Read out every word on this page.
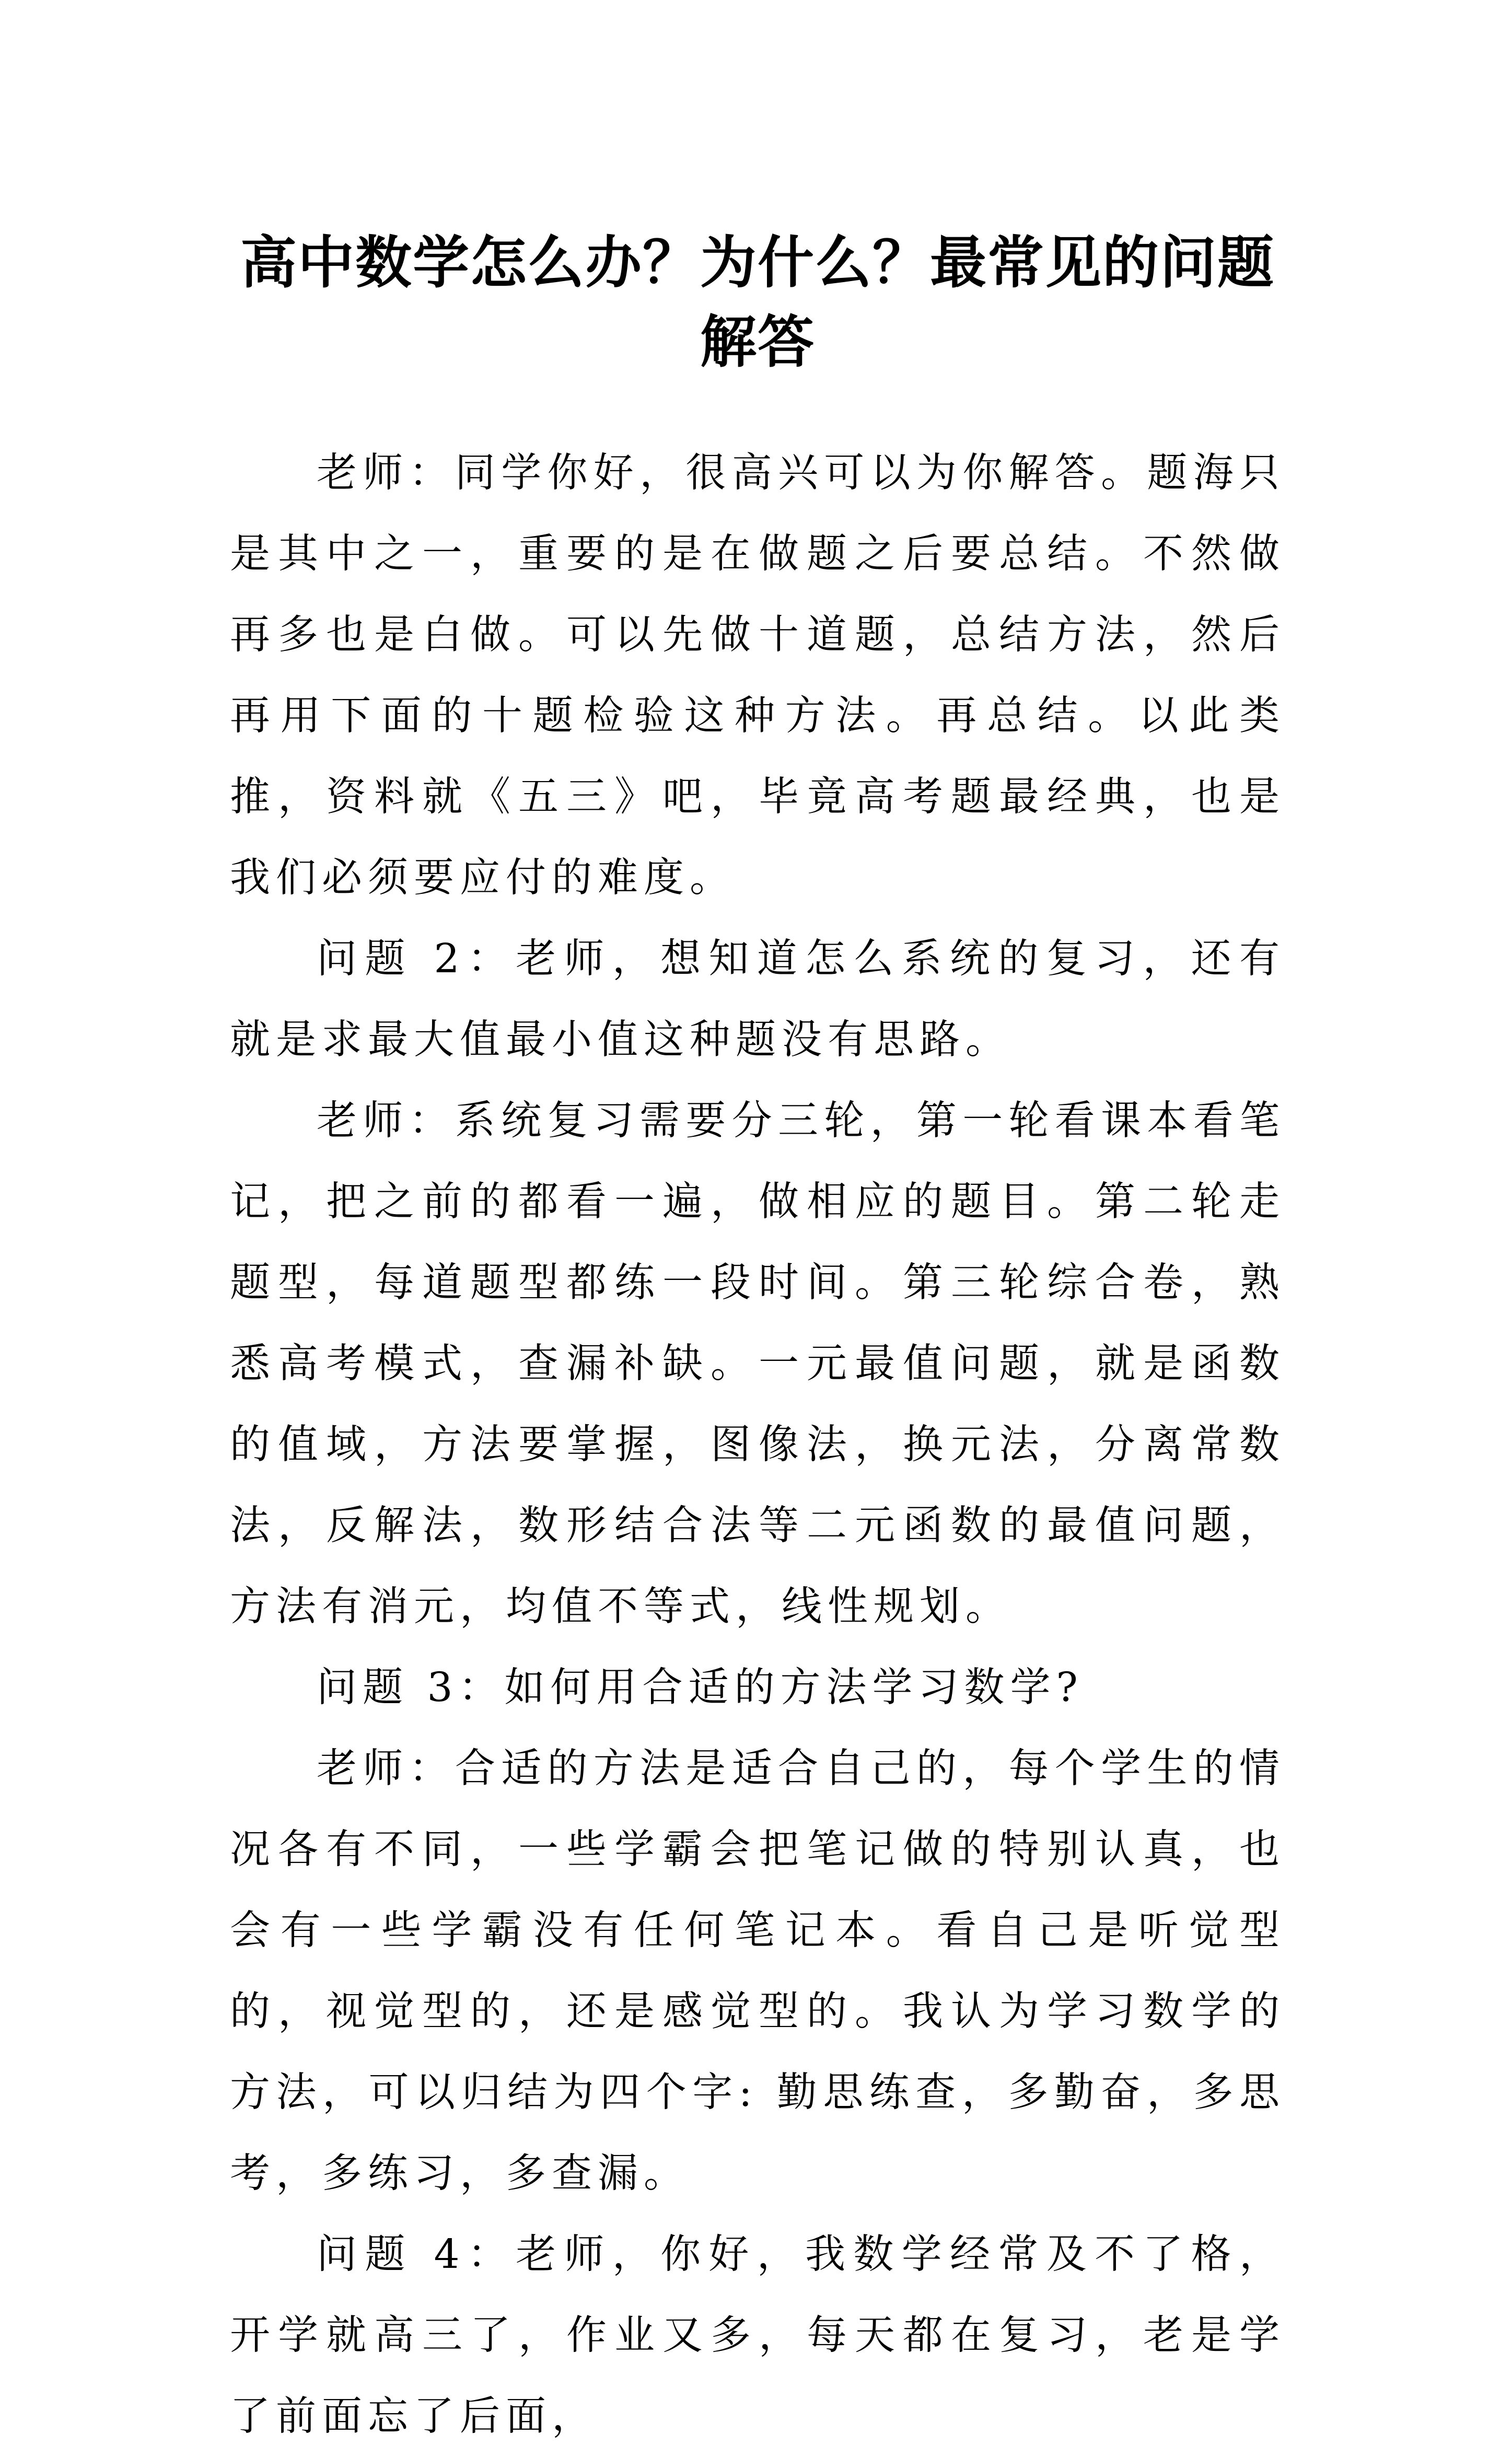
高中数学怎么办？为什么？最常见的问题
解答

老师：同学你好，很高兴可以为你解答。题海只是其中之一，重要的是在做题之后要总结。不然做再多也是白做。可以先做十道题，总结方法，然后再用下面的十题检验这种方法。再总结。以此类推，资料就《五三》吧，毕竟高考题最经典，也是我们必须要应付的难度。

问题 2：老师，想知道怎么系统的复习，还有就是求最大值最小值这种题没有思路。

老师：系统复习需要分三轮，第一轮看课本看笔记，把之前的都看一遍，做相应的题目。第二轮走题型，每道题型都练一段时间。第三轮综合卷，熟悉高考模式，查漏补缺。一元最值问题，就是函数的值域，方法要掌握，图像法，换元法，分离常数法，反解法，数形结合法等二元函数的最值问题，方法有消元，均值不等式，线性规划。

问题 3：如何用合适的方法学习数学?

老师：合适的方法是适合自己的，每个学生的情况各有不同，一些学霸会把笔记做的特别认真，也会有一些学霸没有任何笔记本。看自己是听觉型的，视觉型的，还是感觉型的。我认为学习数学的方法，可以归结为四个字: 勤思练查，多勤奋，多思考，多练习，多查漏。

问题 4：老师，你好，我数学经常及不了格，开学就高三了，作业又多，每天都在复习，老是学了前面忘了后面，
